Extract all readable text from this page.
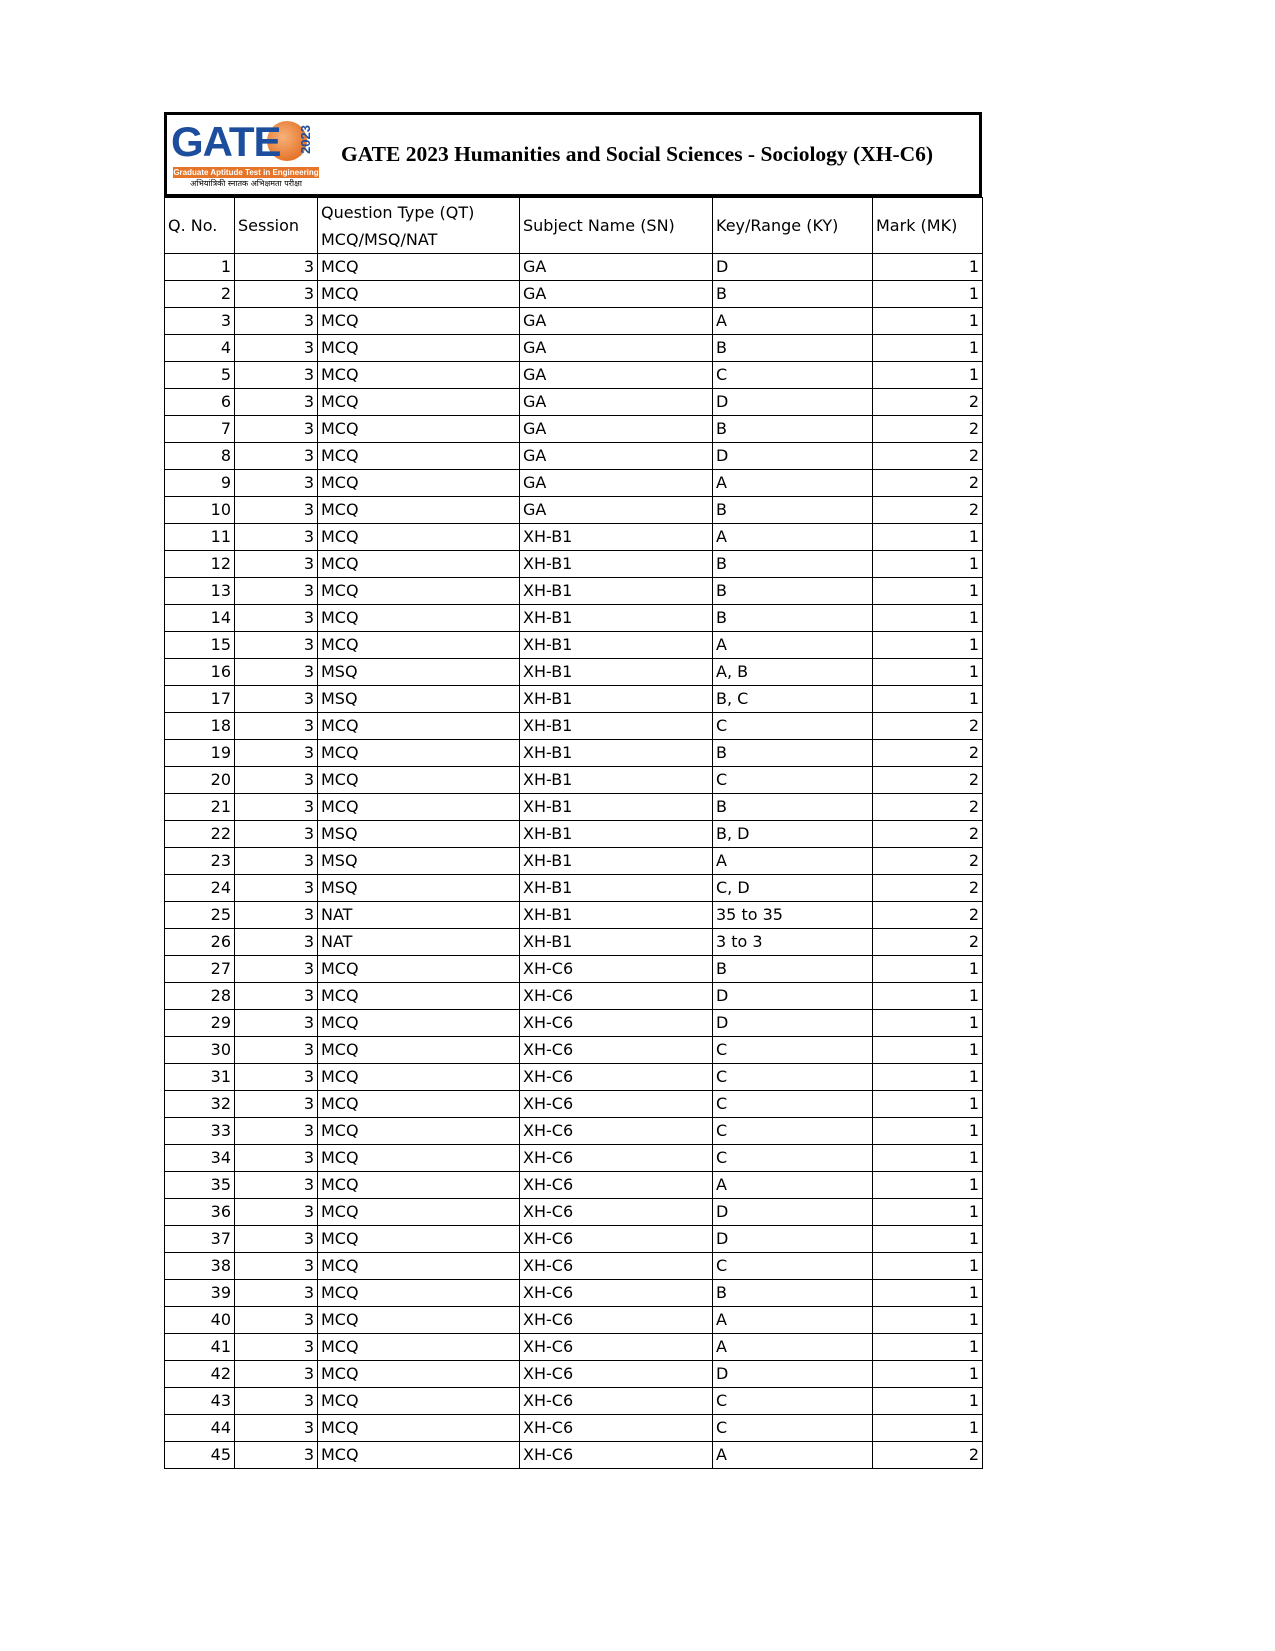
GATE 2023
Graduate Aptitude Test in Engineering
अभियांत्रिकी स्नातक अभिक्षमता परीक्षा
GATE 2023 Humanities and Social Sciences - Sociology (XH-C6)
Q. No.	Session	Question Type (QT) MCQ/MSQ/NAT	Subject Name (SN)	Key/Range (KY)	Mark (MK)
1	3	MCQ	GA	D	1
2	3	MCQ	GA	B	1
3	3	MCQ	GA	A	1
4	3	MCQ	GA	B	1
5	3	MCQ	GA	C	1
6	3	MCQ	GA	D	2
7	3	MCQ	GA	B	2
8	3	MCQ	GA	D	2
9	3	MCQ	GA	A	2
10	3	MCQ	GA	B	2
11	3	MCQ	XH-B1	A	1
12	3	MCQ	XH-B1	B	1
13	3	MCQ	XH-B1	B	1
14	3	MCQ	XH-B1	B	1
15	3	MCQ	XH-B1	A	1
16	3	MSQ	XH-B1	A, B	1
17	3	MSQ	XH-B1	B, C	1
18	3	MCQ	XH-B1	C	2
19	3	MCQ	XH-B1	B	2
20	3	MCQ	XH-B1	C	2
21	3	MCQ	XH-B1	B	2
22	3	MSQ	XH-B1	B, D	2
23	3	MSQ	XH-B1	A	2
24	3	MSQ	XH-B1	C, D	2
25	3	NAT	XH-B1	35 to 35	2
26	3	NAT	XH-B1	3 to 3	2
27	3	MCQ	XH-C6	B	1
28	3	MCQ	XH-C6	D	1
29	3	MCQ	XH-C6	D	1
30	3	MCQ	XH-C6	C	1
31	3	MCQ	XH-C6	C	1
32	3	MCQ	XH-C6	C	1
33	3	MCQ	XH-C6	C	1
34	3	MCQ	XH-C6	C	1
35	3	MCQ	XH-C6	A	1
36	3	MCQ	XH-C6	D	1
37	3	MCQ	XH-C6	D	1
38	3	MCQ	XH-C6	C	1
39	3	MCQ	XH-C6	B	1
40	3	MCQ	XH-C6	A	1
41	3	MCQ	XH-C6	A	1
42	3	MCQ	XH-C6	D	1
43	3	MCQ	XH-C6	C	1
44	3	MCQ	XH-C6	C	1
45	3	MCQ	XH-C6	A	2
